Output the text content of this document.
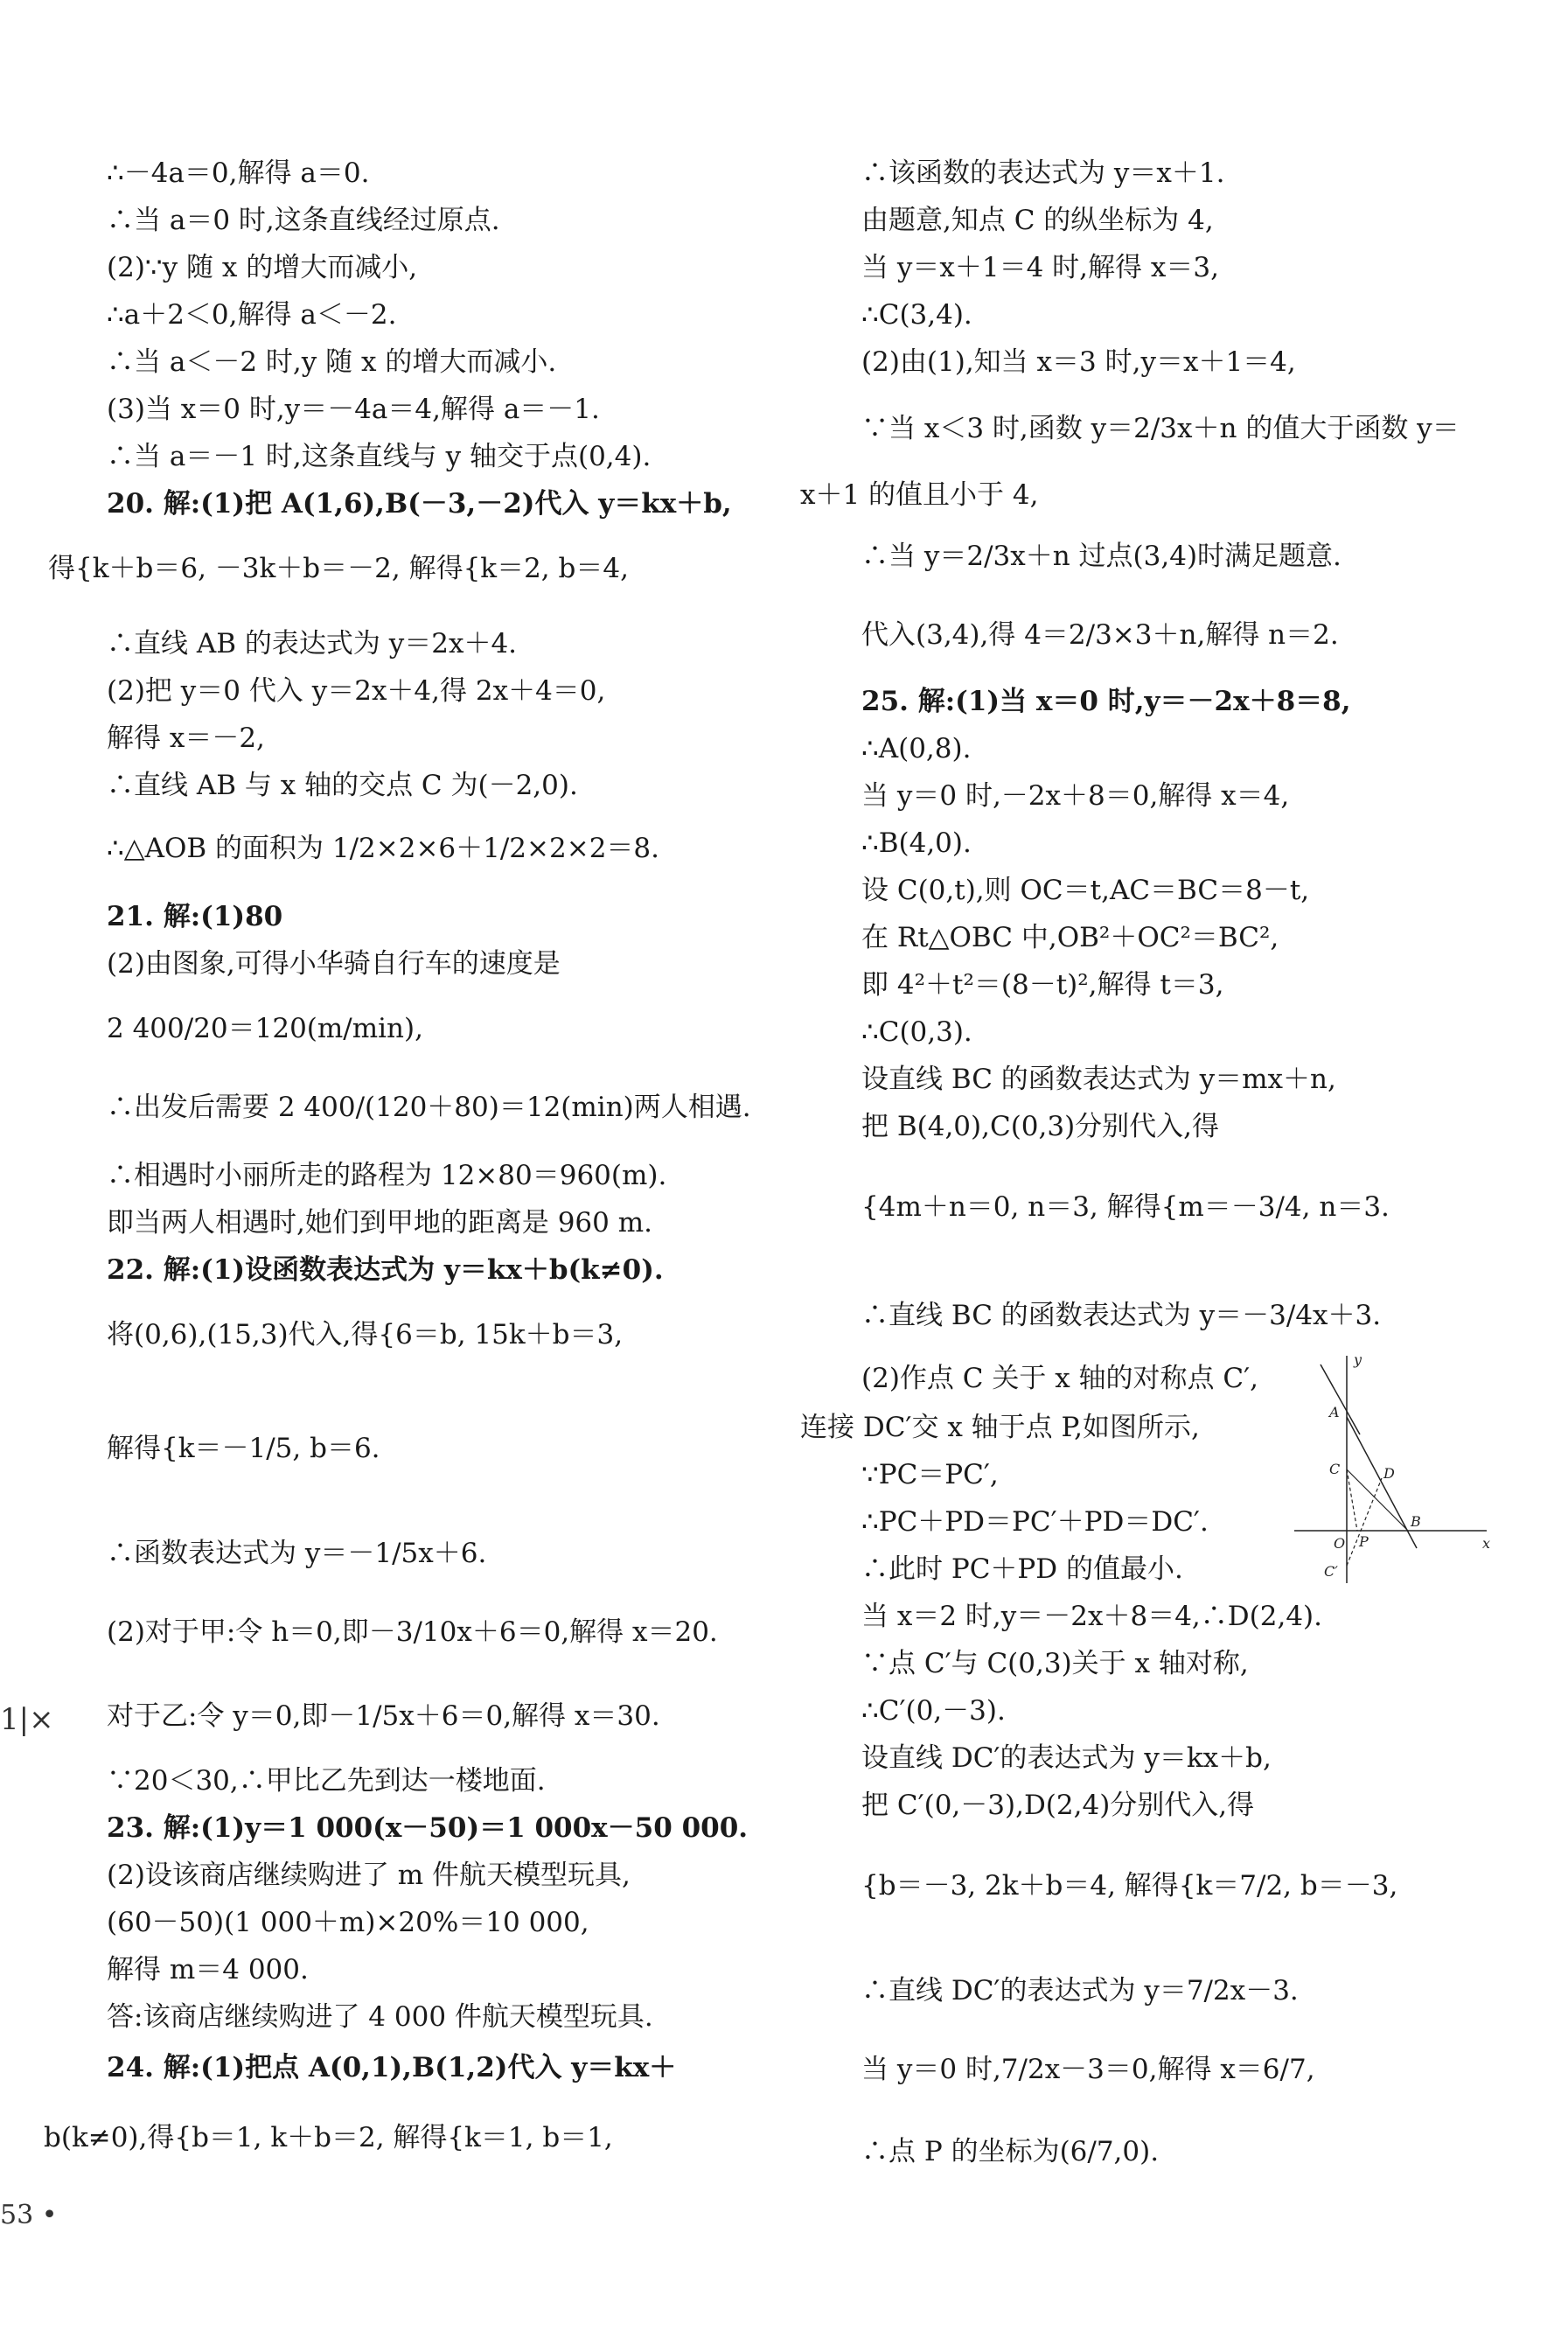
∴－4a＝0,解得 a＝0.
∴当 a＝0 时,这条直线经过原点.
(2)∵y 随 x 的增大而减小,
∴a＋2＜0,解得 a＜－2.
∴当 a＜－2 时,y 随 x 的增大而减小.
(3)当 x＝0 时,y＝－4a＝4,解得 a＝－1.
∴当 a＝－1 时,这条直线与 y 轴交于点(0,4).
20. 解:(1)把 A(1,6),B(－3,－2)代入 y＝kx＋b,
得{k＋b＝6, －3k＋b＝－2, 解得{k＝2, b＝4,
∴直线 AB 的表达式为 y＝2x＋4.
(2)把 y＝0 代入 y＝2x＋4,得 2x＋4＝0,
解得 x＝－2,
∴直线 AB 与 x 轴的交点 C 为(－2,0).
∴△AOB 的面积为 1/2×2×6＋1/2×2×2＝8.
21. 解:(1)80
(2)由图象,可得小华骑自行车的速度是
2 400/20＝120(m/min),
∴出发后需要 2 400/(120＋80)＝12(min)两人相遇.
∴相遇时小丽所走的路程为 12×80＝960(m).
即当两人相遇时,她们到甲地的距离是 960 m.
22. 解:(1)设函数表达式为 y＝kx＋b(k≠0).
将(0,6),(15,3)代入,得{6＝b, 15k＋b＝3,
解得{k＝－1/5, b＝6.
∴函数表达式为 y＝－1/5x＋6.
(2)对于甲:令 h＝0,即－3/10x＋6＝0,解得 x＝20.
对于乙:令 y＝0,即－1/5x＋6＝0,解得 x＝30.
∵20＜30,∴甲比乙先到达一楼地面.
23. 解:(1)y＝1 000(x－50)＝1 000x－50 000.
(2)设该商店继续购进了 m 件航天模型玩具,
(60－50)(1 000＋m)×20%＝10 000,
解得 m＝4 000.
答:该商店继续购进了 4 000 件航天模型玩具.
24. 解:(1)把点 A(0,1),B(1,2)代入 y＝kx＋
b(k≠0),得{b＝1, k＋b＝2, 解得{k＝1, b＝1,
1|×
53 •
∴该函数的表达式为 y＝x＋1.
由题意,知点 C 的纵坐标为 4,
当 y＝x＋1＝4 时,解得 x＝3,
∴C(3,4).
(2)由(1),知当 x＝3 时,y＝x＋1＝4,
∵当 x＜3 时,函数 y＝2/3x＋n 的值大于函数 y＝
x＋1 的值且小于 4,
∴当 y＝2/3x＋n 过点(3,4)时满足题意.
代入(3,4),得 4＝2/3×3＋n,解得 n＝2.
25. 解:(1)当 x＝0 时,y＝－2x＋8＝8,
∴A(0,8).
当 y＝0 时,－2x＋8＝0,解得 x＝4,
∴B(4,0).
设 C(0,t),则 OC＝t,AC＝BC＝8－t,
在 Rt△OBC 中,OB²＋OC²＝BC²,
即 4²＋t²＝(8－t)²,解得 t＝3,
∴C(0,3).
设直线 BC 的函数表达式为 y＝mx＋n,
把 B(4,0),C(0,3)分别代入,得
{4m＋n＝0, n＝3, 解得{m＝－3/4, n＝3.
∴直线 BC 的函数表达式为 y＝－3/4x＋3.
(2)作点 C 关于 x 轴的对称点 C′,
连接 DC′交 x 轴于点 P,如图所示,
∵PC＝PC′,
∴PC＋PD＝PC′＋PD＝DC′.
∴此时 PC＋PD 的值最小.
当 x＝2 时,y＝－2x＋8＝4,∴D(2,4).
∵点 C′与 C(0,3)关于 x 轴对称,
∴C′(0,－3).
设直线 DC′的表达式为 y＝kx＋b,
把 C′(0,－3),D(2,4)分别代入,得
{b＝－3, 2k＋b＝4, 解得{k＝7/2, b＝－3,
∴直线 DC′的表达式为 y＝7/2x－3.
当 y＝0 时,7/2x－3＝0,解得 x＝6/7,
∴点 P 的坐标为(6/7,0).
y
x
A
D
C
B
O P
C′
